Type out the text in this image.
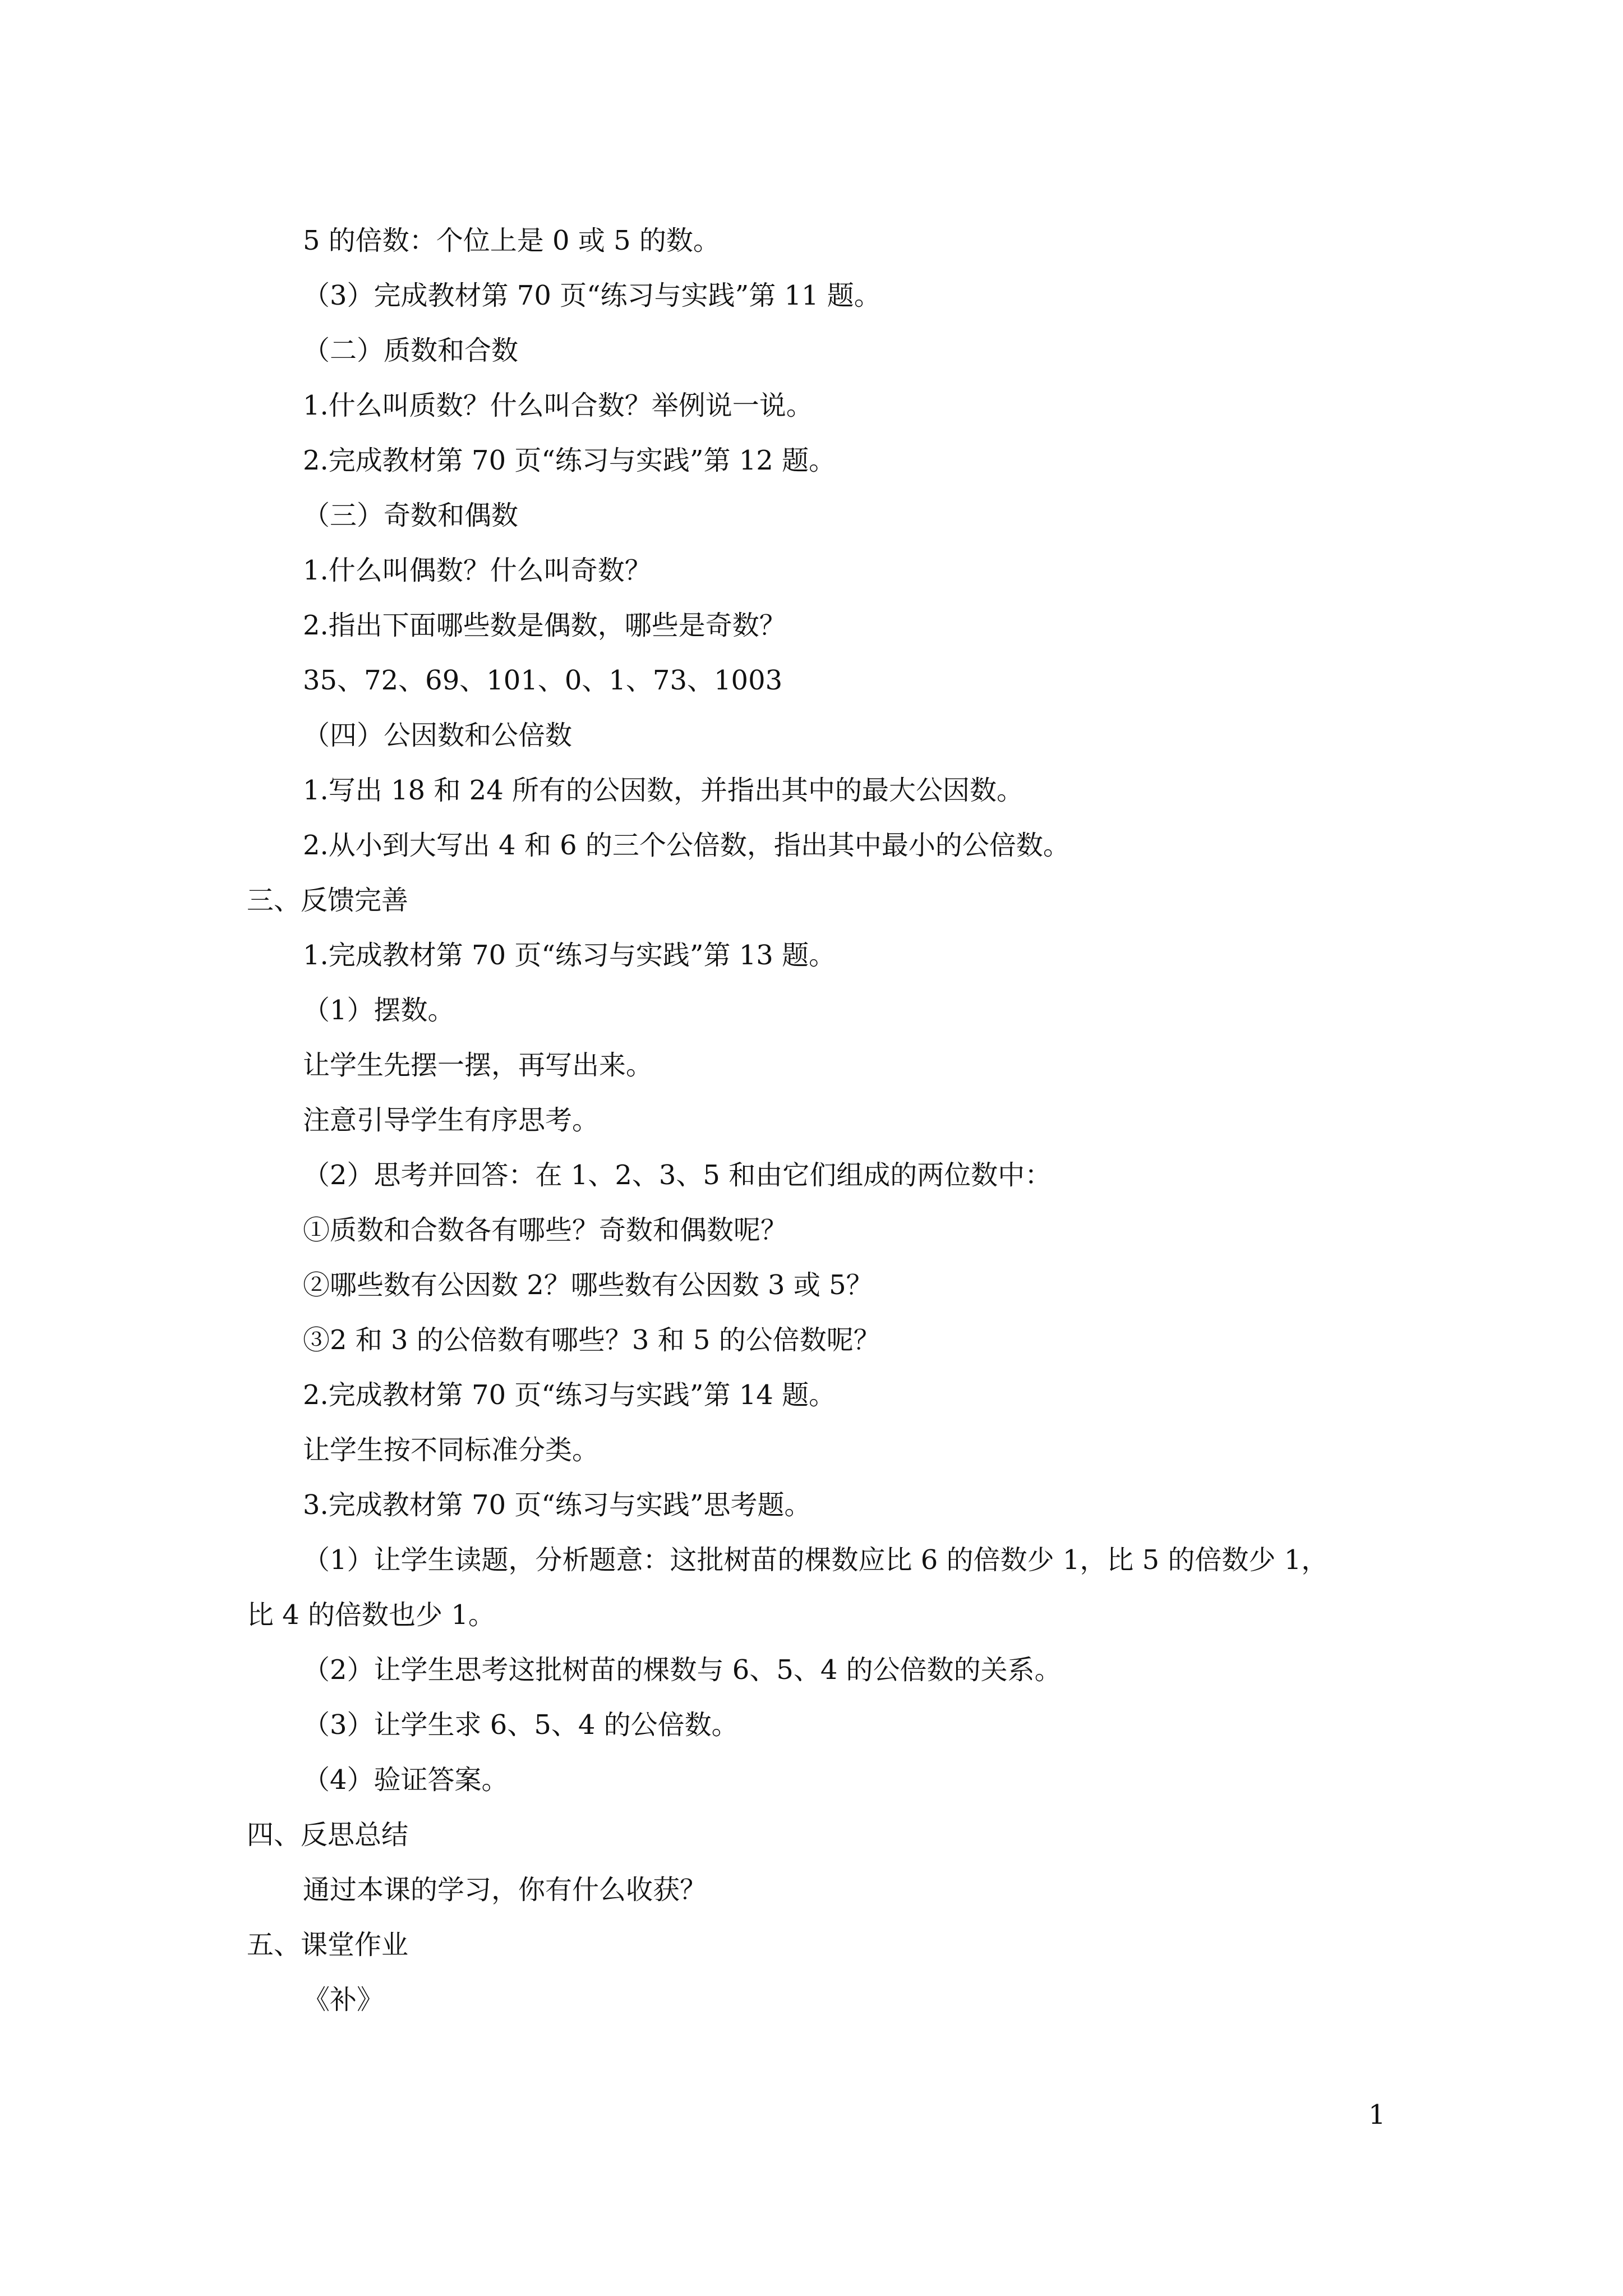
5 的倍数：个位上是 0 或 5 的数。
（3）完成教材第 70 页“练习与实践”第 11 题。
（二）质数和合数
1.什么叫质数？什么叫合数？举例说一说。
2.完成教材第 70 页“练习与实践”第 12 题。
（三）奇数和偶数
1.什么叫偶数？什么叫奇数？
2.指出下面哪些数是偶数，哪些是奇数？
35、72、69、101、0、1、73、1003
（四）公因数和公倍数
1.写出 18 和 24 所有的公因数，并指出其中的最大公因数。
2.从小到大写出 4 和 6 的三个公倍数，指出其中最小的公倍数。
三、反馈完善
1.完成教材第 70 页“练习与实践”第 13 题。
（1）摆数。
让学生先摆一摆，再写出来。
注意引导学生有序思考。
（2）思考并回答：在 1、2、3、5 和由它们组成的两位数中：
①质数和合数各有哪些？奇数和偶数呢？
②哪些数有公因数 2？哪些数有公因数 3 或 5？
③2 和 3 的公倍数有哪些？3 和 5 的公倍数呢？
2.完成教材第 70 页“练习与实践”第 14 题。
让学生按不同标准分类。
3.完成教材第 70 页“练习与实践”思考题。
（1）让学生读题，分析题意：这批树苗的棵数应比 6 的倍数少 1，比 5 的倍数少 1，
比 4 的倍数也少 1。
（2）让学生思考这批树苗的棵数与 6、5、4 的公倍数的关系。
（3）让学生求 6、5、4 的公倍数。
（4）验证答案。
四、反思总结
通过本课的学习，你有什么收获？
五、课堂作业
《补》
1
